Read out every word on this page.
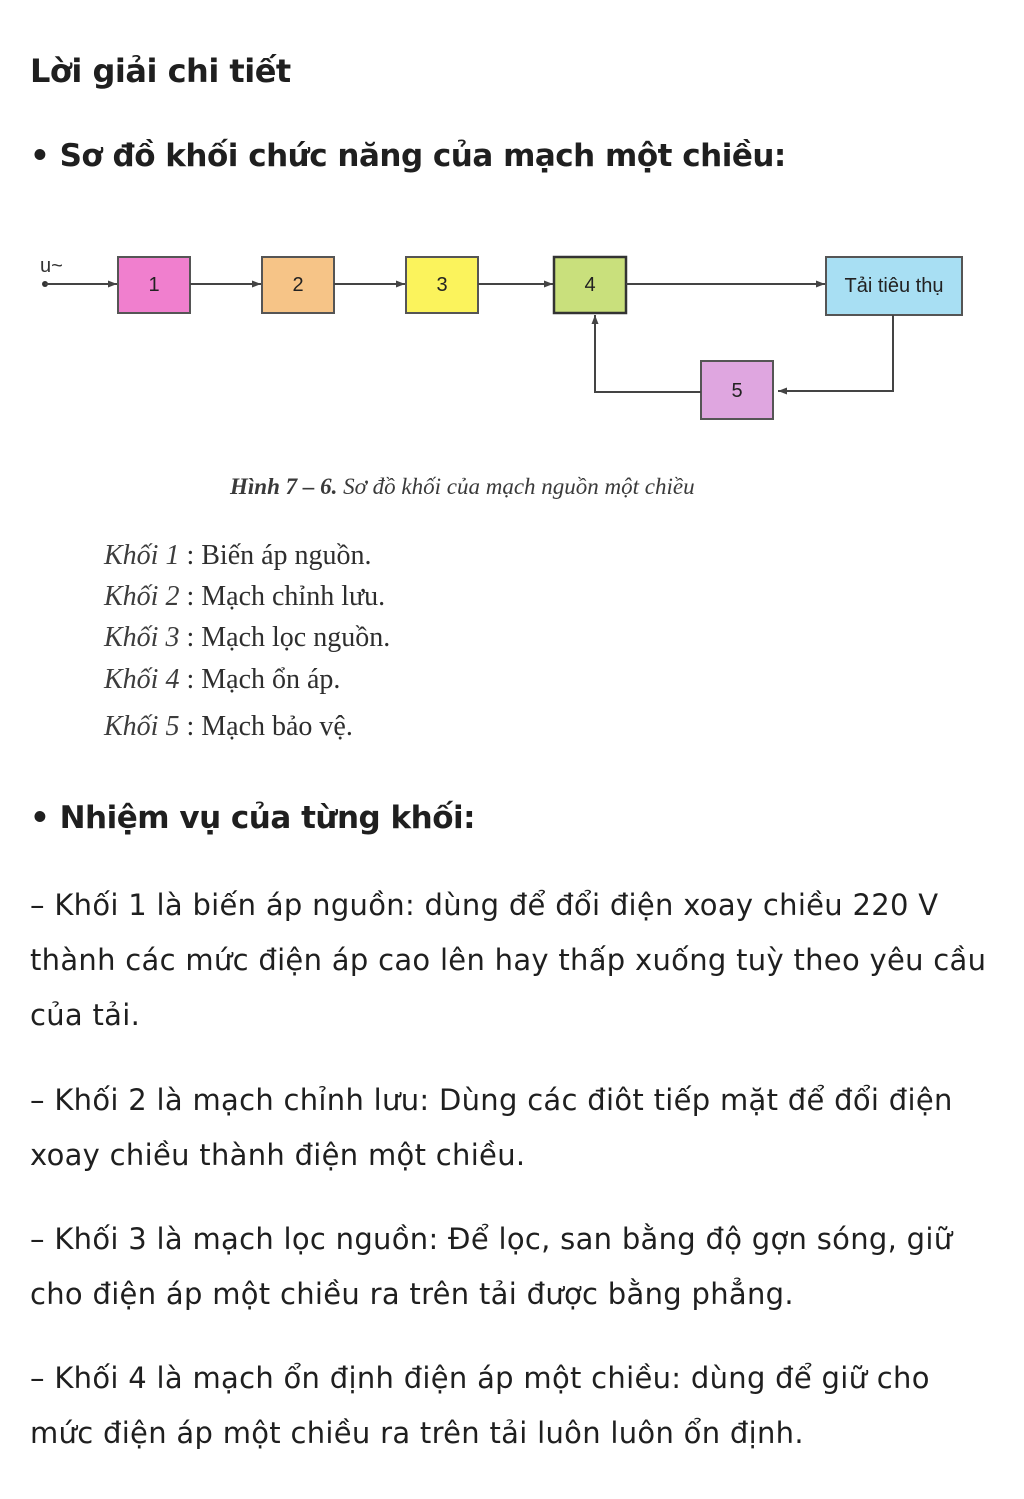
Lời giải chi tiết
• Sơ đồ khối chức năng của mạch một chiều:
u~
1	2	3	4	Tải tiêu thụ
5
Hình 7 – 6. Sơ đồ khối của mạch nguồn một chiều
Khối 1 : Biến áp nguồn.
Khối 2 : Mạch chỉnh lưu.
Khối 3 : Mạch lọc nguồn.
Khối 4 : Mạch ổn áp.
Khối 5 : Mạch bảo vệ.
• Nhiệm vụ của từng khối:
– Khối 1 là biến áp nguồn: dùng để đổi điện xoay chiều 220 V thành các mức điện áp cao lên hay thấp xuống tuỳ theo yêu cầu của tải.
– Khối 2 là mạch chỉnh lưu: Dùng các điôt tiếp mặt để đổi điện xoay chiều thành điện một chiều.
– Khối 3 là mạch lọc nguồn: Để lọc, san bằng độ gợn sóng, giữ cho điện áp một chiều ra trên tải được bằng phẳng.
– Khối 4 là mạch ổn định điện áp một chiều: dùng để giữ cho mức điện áp một chiều ra trên tải luôn luôn ổn định.
